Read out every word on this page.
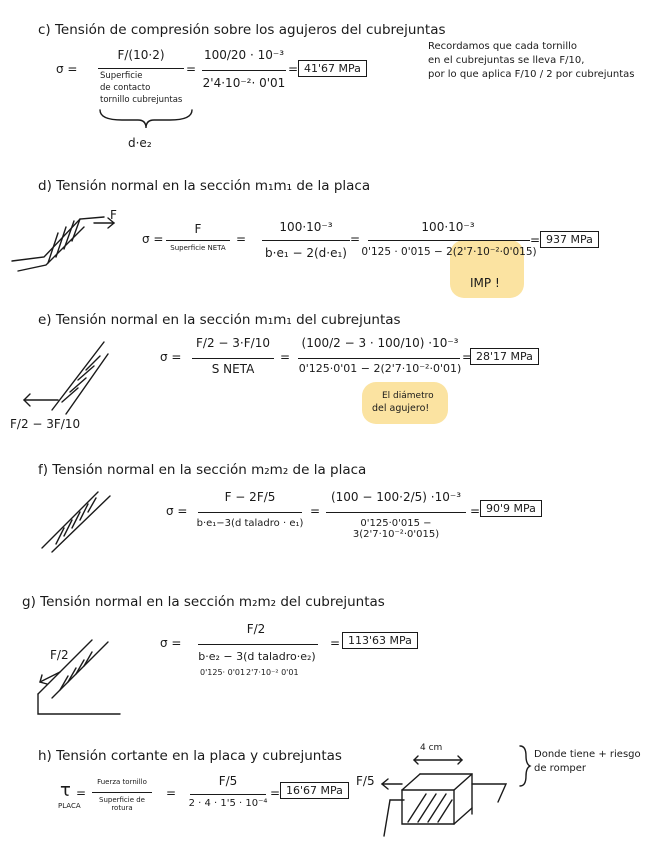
c) Tensión de compresión sobre los agujeros del cubrejuntas
σ =
F/(10·2)
Superficie
de contacto
tornillo cubrejuntas
d·e₂
=
100/20 · 10⁻³
2'4·10⁻²· 0'01
= 41'67 MPa
Recordamos que cada tornillo
en el cubrejuntas se lleva F/10,
por lo que aplica F/10 / 2 por cubrejuntas
d) Tensión normal en la sección m₁m₁ de la placa
F
σ =
F
Superficie NETA
=
100·10⁻³
b·e₁ − 2(d·e₁)
=
100·10⁻³
0'125 · 0'015 − 2(2'7·10⁻²·0'015)
= 937 MPa
IMP !
e) Tensión normal en la sección m₁m₁ del cubrejuntas
F/2 − 3F/10
σ =
F/2 − 3·F/10
S NETA
=
(100/2 − 3 · 100/10) ·10⁻³
0'125·0'01 − 2(2'7·10⁻²·0'01)
= 28'17 MPa
El diámetro
del agujero!
f) Tensión normal en la sección m₂m₂ de la placa
σ =
F − 2F/5
b·e₁−3(d taladro · e₁)
=
(100 − 100·2/5) ·10⁻³
0'125·0'015 − 3(2'7·10⁻²·0'015)
= 90'9 MPa
g) Tensión normal en la sección m₂m₂ del cubrejuntas
F/2
σ =
F/2
b·e₂ − 3(d taladro·e₂)
0'125· 0'01 2'7·10⁻² 0'01
= 113'63 MPa
h) Tensión cortante en la placa y cubrejuntas
τ
PLACA
=
Fuerza tornillo
Superficie de rotura
=
F/5
2 · 4 · 1'5 · 10⁻⁴
= 16'67 MPa
4 cm
F/5
Donde tiene + riesgo
de romper
